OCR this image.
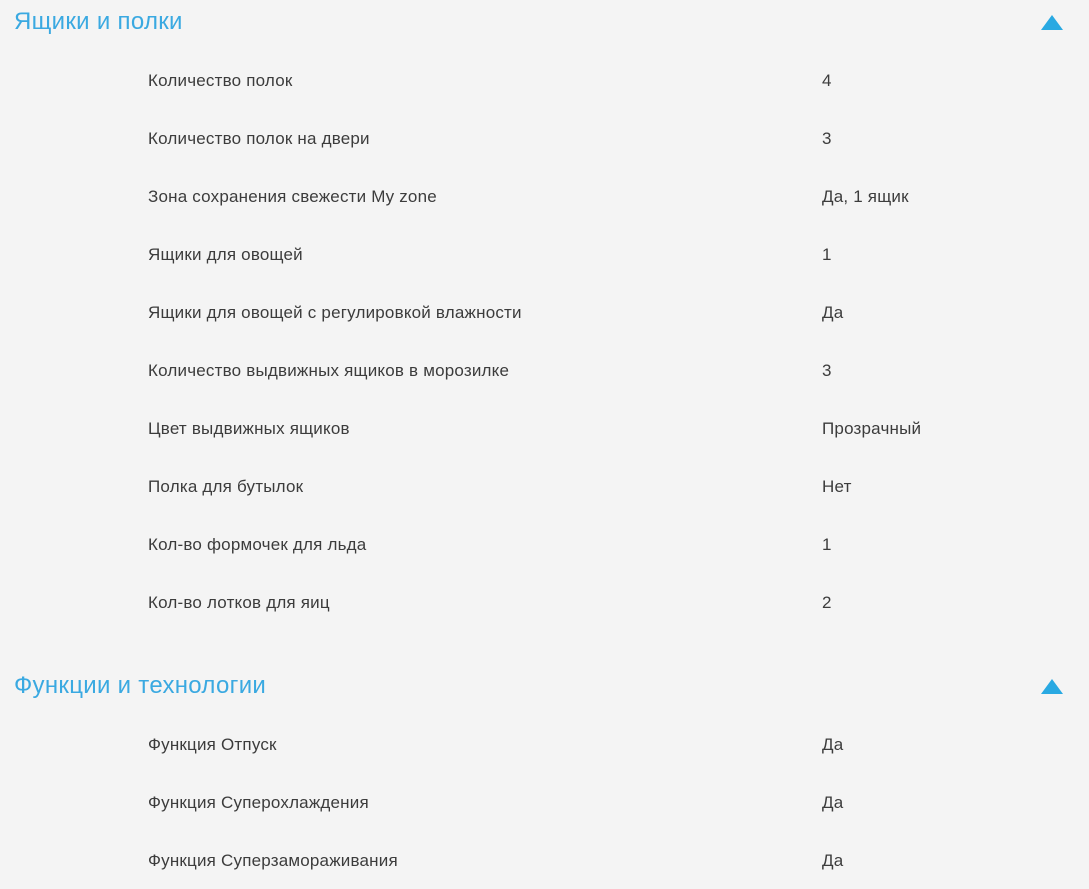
Ящики и полки
Количество полок	4
Количество полок на двери	3
Зона сохранения свежести My zone	Да, 1 ящик
Ящики для овощей	1
Ящики для овощей с регулировкой влажности	Да
Количество выдвижных ящиков в морозилке	3
Цвет выдвижных ящиков	Прозрачный
Полка для бутылок	Нет
Кол-во формочек для льда	1
Кол-во лотков для яиц	2
Функции и технологии
Функция Отпуск	Да
Функция Суперохлаждения	Да
Функция Суперзамораживания	Да
